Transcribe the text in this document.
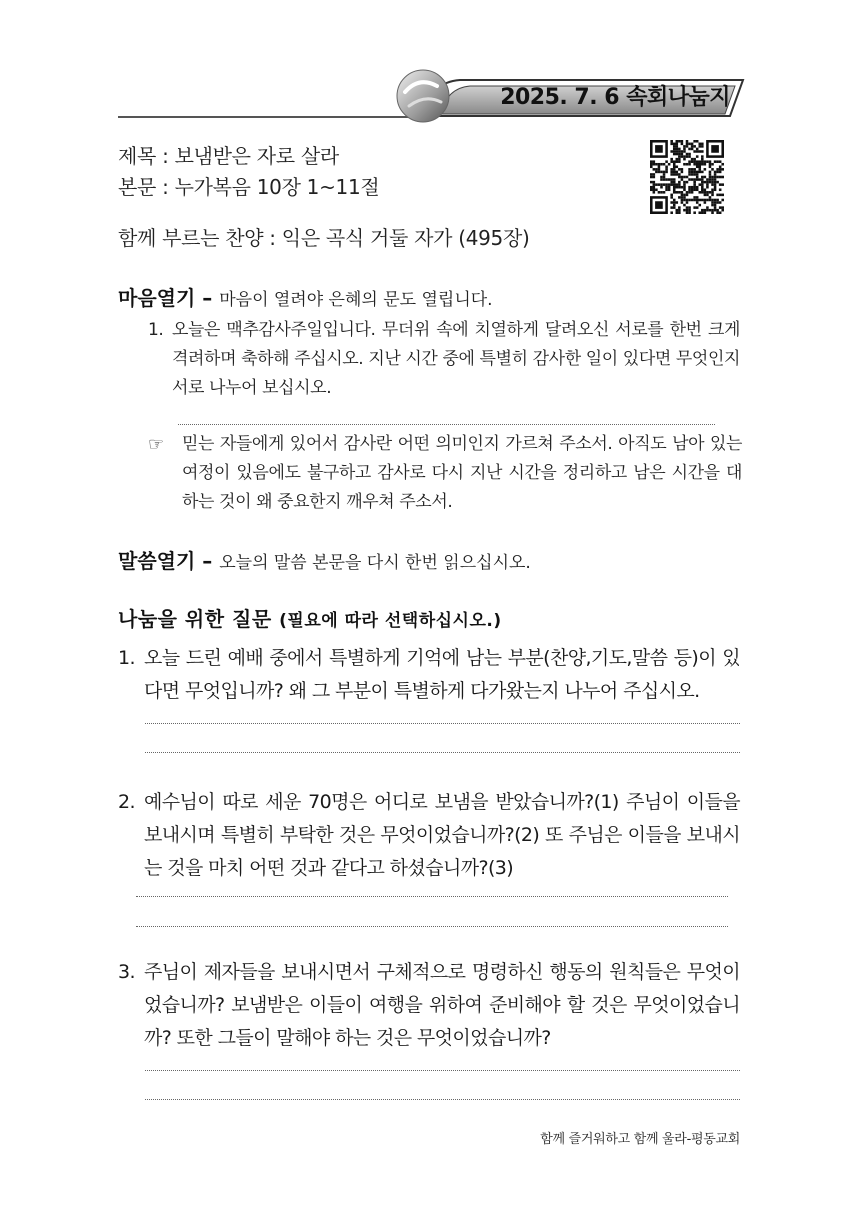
2025. 7. 6 속회나눔지
제목 : 보냄받은 자로 살라
본문 : 누가복음 10장 1~11절
함께 부르는 찬양 : 익은 곡식 거둘 자가 (495장)
마음열기 – 마음이 열려야 은혜의 문도 열립니다.
1. 오늘은 맥추감사주일입니다. 무더위 속에 치열하게 달려오신 서로를 한번 크게 격려하며 축하해 주십시오. 지난 시간 중에 특별히 감사한 일이 있다면 무엇인지 서로 나누어 보십시오.
☞ 믿는 자들에게 있어서 감사란 어떤 의미인지 가르쳐 주소서. 아직도 남아 있는 여정이 있음에도 불구하고 감사로 다시 지난 시간을 정리하고 남은 시간을 대하는 것이 왜 중요한지 깨우쳐 주소서.
말씀열기 – 오늘의 말씀 본문을 다시 한번 읽으십시오.
나눔을 위한 질문 (필요에 따라 선택하십시오.)
1. 오늘 드린 예배 중에서 특별하게 기억에 남는 부분(찬양,기도,말씀 등)이 있다면 무엇입니까? 왜 그 부분이 특별하게 다가왔는지 나누어 주십시오.
2. 예수님이 따로 세운 70명은 어디로 보냄을 받았습니까?(1) 주님이 이들을 보내시며 특별히 부탁한 것은 무엇이었습니까?(2) 또 주님은 이들을 보내시는 것을 마치 어떤 것과 같다고 하셨습니까?(3)
3. 주님이 제자들을 보내시면서 구체적으로 명령하신 행동의 원칙들은 무엇이었습니까? 보냄받은 이들이 여행을 위하여 준비해야 할 것은 무엇이었습니까? 또한 그들이 말해야 하는 것은 무엇이었습니까?
함께 즐거워하고 함께 울라-평동교회
